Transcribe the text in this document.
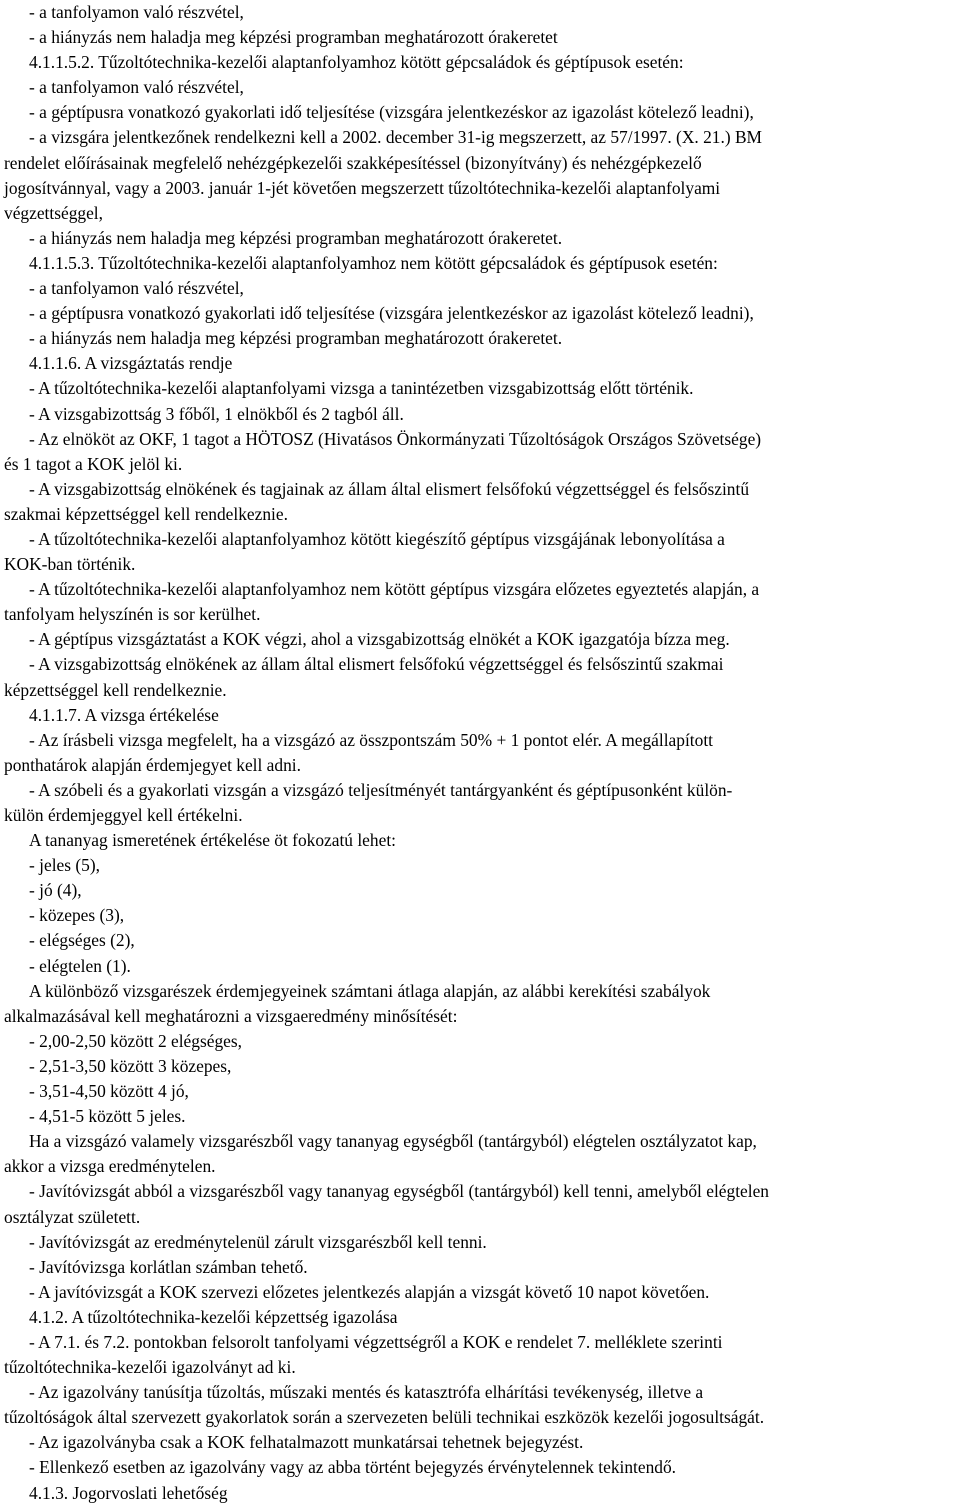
- a tanfolyamon való részvétel,
- a hiányzás nem haladja meg képzési programban meghatározott órakeretet
4.1.1.5.2. Tűzoltótechnika-kezelői alaptanfolyamhoz kötött gépcsaládok és géptípusok esetén:
- a tanfolyamon való részvétel,
- a géptípusra vonatkozó gyakorlati idő teljesítése (vizsgára jelentkezéskor az igazolást kötelező leadni),
- a vizsgára jelentkezőnek rendelkezni kell a 2002. december 31-ig megszerzett, az 57/1997. (X. 21.) BM
rendelet előírásainak megfelelő nehézgépkezelői szakképesítéssel (bizonyítvány) és nehézgépkezelő
jogosítvánnyal, vagy a 2003. január 1-jét követően megszerzett tűzoltótechnika-kezelői alaptanfolyami
végzettséggel,
- a hiányzás nem haladja meg képzési programban meghatározott órakeretet.
4.1.1.5.3. Tűzoltótechnika-kezelői alaptanfolyamhoz nem kötött gépcsaládok és géptípusok esetén:
- a tanfolyamon való részvétel,
- a géptípusra vonatkozó gyakorlati idő teljesítése (vizsgára jelentkezéskor az igazolást kötelező leadni),
- a hiányzás nem haladja meg képzési programban meghatározott órakeretet.
4.1.1.6. A vizsgáztatás rendje
- A tűzoltótechnika-kezelői alaptanfolyami vizsga a tanintézetben vizsgabizottság előtt történik.
- A vizsgabizottság 3 főből, 1 elnökből és 2 tagból áll.
- Az elnököt az OKF, 1 tagot a HÖTOSZ (Hivatásos Önkormányzati Tűzoltóságok Országos Szövetsége)
és 1 tagot a KOK jelöl ki.
- A vizsgabizottság elnökének és tagjainak az állam által elismert felsőfokú végzettséggel és felsőszintű
szakmai képzettséggel kell rendelkeznie.
- A tűzoltótechnika-kezelői alaptanfolyamhoz kötött kiegészítő géptípus vizsgájának lebonyolítása a
KOK-ban történik.
- A tűzoltótechnika-kezelői alaptanfolyamhoz nem kötött géptípus vizsgára előzetes egyeztetés alapján, a
tanfolyam helyszínén is sor kerülhet.
- A géptípus vizsgáztatást a KOK végzi, ahol a vizsgabizottság elnökét a KOK igazgatója bízza meg.
- A vizsgabizottság elnökének az állam által elismert felsőfokú végzettséggel és felsőszintű szakmai
képzettséggel kell rendelkeznie.
4.1.1.7. A vizsga értékelése
- Az írásbeli vizsga megfelelt, ha a vizsgázó az összpontszám 50% + 1 pontot elér. A megállapított
ponthatárok alapján érdemjegyet kell adni.
- A szóbeli és a gyakorlati vizsgán a vizsgázó teljesítményét tantárgyanként és géptípusonként külön-
külön érdemjeggyel kell értékelni.
A tananyag ismeretének értékelése öt fokozatú lehet:
- jeles (5),
- jó (4),
- közepes (3),
- elégséges (2),
- elégtelen (1).
A különböző vizsgarészek érdemjegyeinek számtani átlaga alapján, az alábbi kerekítési szabályok
alkalmazásával kell meghatározni a vizsgaeredmény minősítését:
- 2,00-2,50 között 2 elégséges,
- 2,51-3,50 között 3 közepes,
- 3,51-4,50 között 4 jó,
- 4,51-5 között 5 jeles.
Ha a vizsgázó valamely vizsgarészből vagy tananyag egységből (tantárgyból) elégtelen osztályzatot kap,
akkor a vizsga eredménytelen.
- Javítóvizsgát abból a vizsgarészből vagy tananyag egységből (tantárgyból) kell tenni, amelyből elégtelen
osztályzat született.
- Javítóvizsgát az eredménytelenül zárult vizsgarészből kell tenni.
- Javítóvizsga korlátlan számban tehető.
- A javítóvizsgát a KOK szervezi előzetes jelentkezés alapján a vizsgát követő 10 napot követően.
4.1.2. A tűzoltótechnika-kezelői képzettség igazolása
- A 7.1. és 7.2. pontokban felsorolt tanfolyami végzettségről a KOK e rendelet 7. melléklete szerinti
tűzoltótechnika-kezelői igazolványt ad ki.
- Az igazolvány tanúsítja tűzoltás, műszaki mentés és katasztrófa elhárítási tevékenység, illetve a
tűzoltóságok által szervezett gyakorlatok során a szervezeten belüli technikai eszközök kezelői jogosultságát.
- Az igazolványba csak a KOK felhatalmazott munkatársai tehetnek bejegyzést.
- Ellenkező esetben az igazolvány vagy az abba történt bejegyzés érvénytelennek tekintendő.
4.1.3. Jogorvoslati lehetőség
